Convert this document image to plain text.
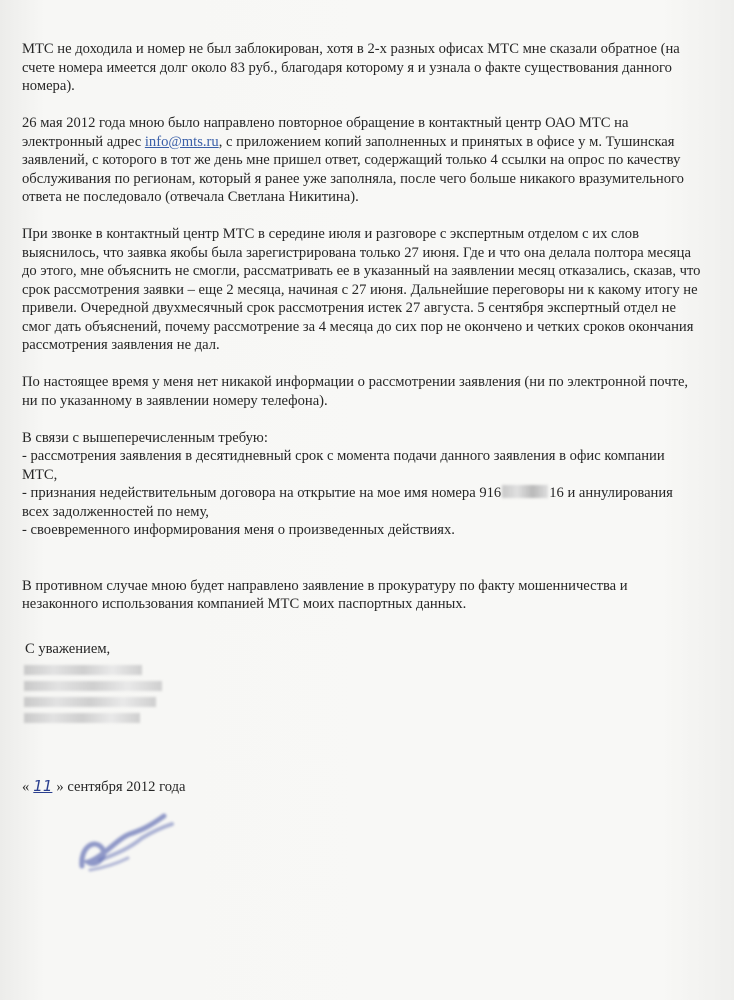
МТС не доходила и номер не был заблокирован, хотя в 2-х разных офисах МТС мне сказали обратное (на счете номера имеется долг около 83 руб., благодаря которому я и узнала о факте существования данного номера).

26 мая 2012 года мною было направлено повторное обращение в контактный центр ОАО МТС на электронный адрес info@mts.ru, с приложением копий заполненных и принятых в офисе у м. Тушинская заявлений, с которого в тот же день мне пришел ответ, содержащий только 4 ссылки на опрос по качеству обслуживания по регионам, который я ранее уже заполняла, после чего больше никакого вразумительного ответа не последовало (отвечала Светлана Никитина).

При звонке в контактный центр МТС в середине июля и разговоре с экспертным отделом с их слов выяснилось, что заявка якобы была зарегистрирована только 27 июня. Где и что она делала полтора месяца до этого, мне объяснить не смогли, рассматривать ее в указанный на заявлении месяц отказались, сказав, что срок рассмотрения заявки – еще 2 месяца, начиная с 27 июня. Дальнейшие переговоры ни к какому итогу не привели. Очередной двухмесячный срок рассмотрения истек 27 августа. 5 сентября экспертный отдел не смог дать объяснений, почему рассмотрение за 4 месяца до сих пор не окончено и четких сроков окончания рассмотрения заявления не дал.

По настоящее время у меня нет никакой информации о рассмотрении заявления (ни по электронной почте, ни по указанному в заявлении номеру телефона).

В связи с вышеперечисленным требую:
- рассмотрения заявления в десятидневный срок с момента подачи данного заявления в офис компании МТС,
- признания недействительным договора на открытие на мое имя номера 916	16 и аннулирования всех задолженностей по нему,
- своевременного информирования меня о произведенных действиях.

В противном случае мною будет направлено заявление в прокуратуру по факту мошенничества и незаконного использования компанией МТС моих паспортных данных.

С уважением,
« 11 » сентября 2012 года
